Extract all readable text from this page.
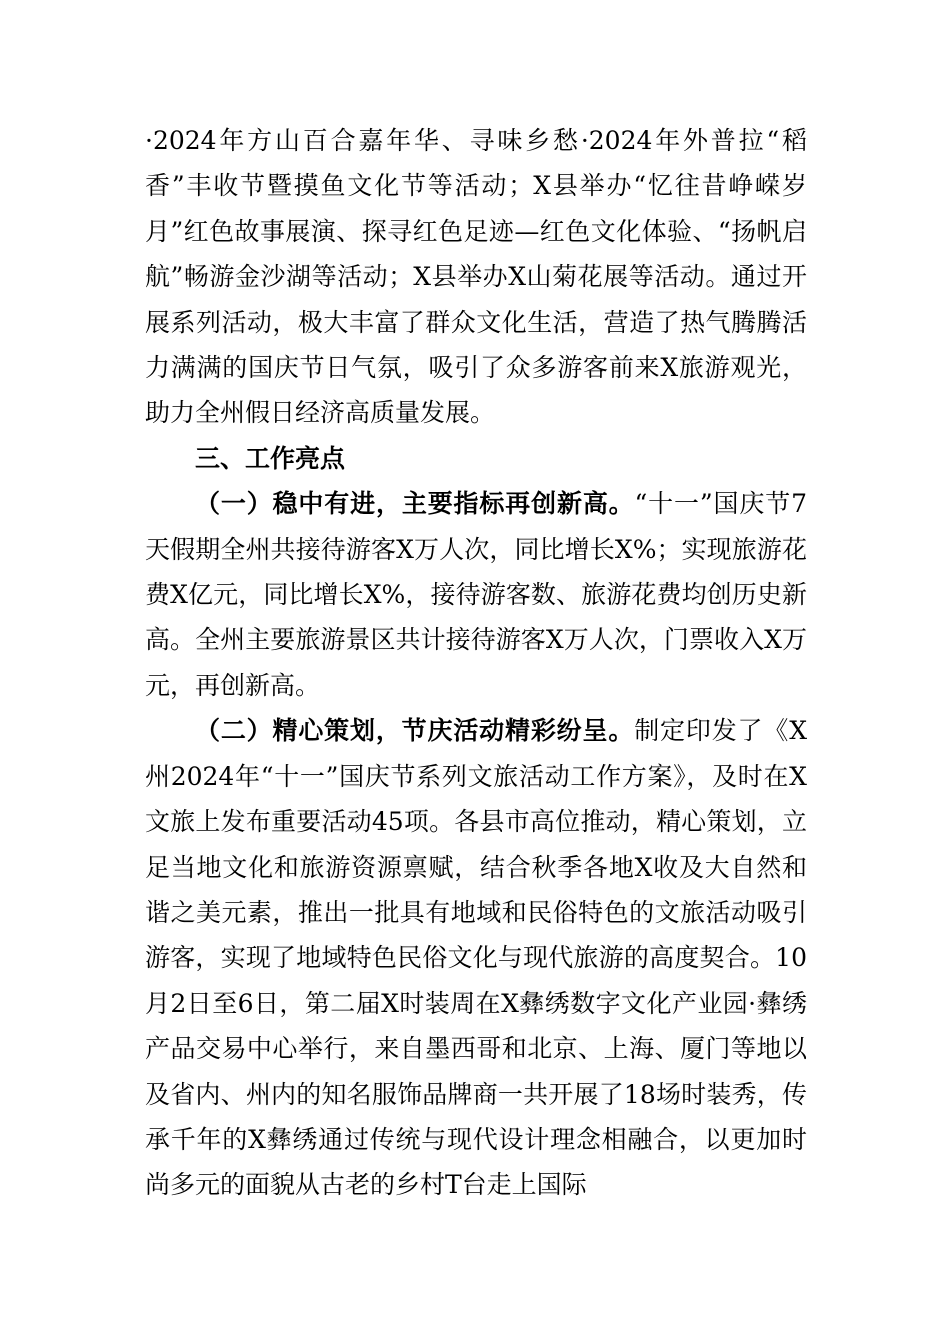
·2024年方山百合嘉年华、寻味乡愁·2024年外普拉“稻香”丰收节暨摸鱼文化节等活动；X县举办“忆往昔峥嵘岁月”红色故事展演、探寻红色足迹—红色文化体验、“扬帆启航”畅游金沙湖等活动；X县举办X山菊花展等活动。通过开展系列活动，极大丰富了群众文化生活，营造了热气腾腾活力满满的国庆节日气氛，吸引了众多游客前来X旅游观光，助力全州假日经济高质量发展。

三、工作亮点

（一）稳中有进，主要指标再创新高。“十一”国庆节7天假期全州共接待游客X万人次，同比增长X%；实现旅游花费X亿元，同比增长X%，接待游客数、旅游花费均创历史新高。全州主要旅游景区共计接待游客X万人次，门票收入X万元，再创新高。

（二）精心策划，节庆活动精彩纷呈。制定印发了《X州2024年“十一”国庆节系列文旅活动工作方案》，及时在X文旅上发布重要活动45项。各县市高位推动，精心策划，立足当地文化和旅游资源禀赋，结合秋季各地X收及大自然和谐之美元素，推出一批具有地域和民俗特色的文旅活动吸引游客，实现了地域特色民俗文化与现代旅游的高度契合。10月2日至6日，第二届X时装周在X彝绣数字文化产业园·彝绣产品交易中心举行，来自墨西哥和北京、上海、厦门等地以及省内、州内的知名服饰品牌商一共开展了18场时装秀，传承千年的X彝绣通过传统与现代设计理念相融合，以更加时尚多元的面貌从古老的乡村T台走上国际
